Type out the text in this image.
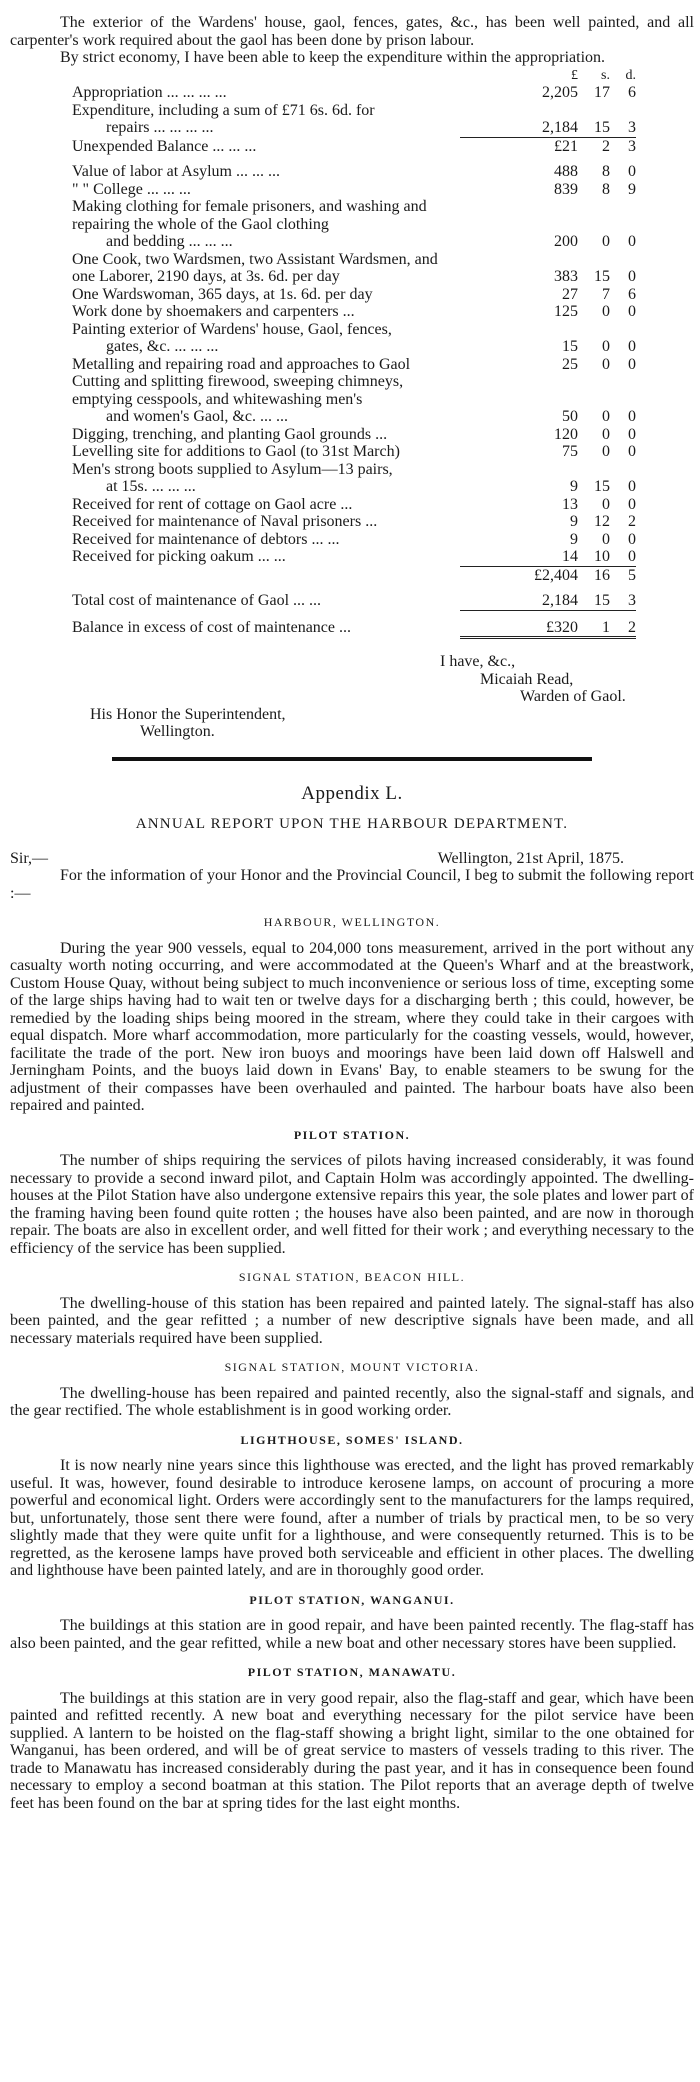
The exterior of the Wardens' house, gaol, fences, gates, &c., has been well painted, and all carpenter's work required about the gaol has been done by prison labour.

By strict economy, I have been able to keep the expenditure within the appropriation.

£	s.	d.
Appropriation ... ... ... ...	2,205	17	6
Expenditure, including a sum of £71 6s. 6d. for
repairs ... ... ... ...	2,184	15	3
Unexpended Balance ... ... ...	£21	2	3
Value of labor at Asylum ... ... ...	488	8	0
" " College ... ... ...	839	8	9
Making clothing for female prisoners, and washing and repairing the whole of the Gaol clothing
and bedding ... ... ...	200	0	0
One Cook, two Wardsmen, two Assistant Wardsmen, and one Laborer, 2190 days, at 3s. 6d. per day	383	15	0
One Wardswoman, 365 days, at 1s. 6d. per day	27	7	6
Work done by shoemakers and carpenters ...	125	0	0
Painting exterior of Wardens' house, Gaol, fences,
gates, &c. ... ... ...	15	0	0
Metalling and repairing road and approaches to Gaol	25	0	0
Cutting and splitting firewood, sweeping chimneys, emptying cesspools, and whitewashing men's
and women's Gaol, &c. ... ...	50	0	0
Digging, trenching, and planting Gaol grounds ...	120	0	0
Levelling site for additions to Gaol (to 31st March)	75	0	0
Men's strong boots supplied to Asylum—13 pairs,
at 15s. ... ... ...	9	15	0
Received for rent of cottage on Gaol acre ...	13	0	0
Received for maintenance of Naval prisoners ...	9	12	2
Received for maintenance of debtors ... ...	9	0	0
Received for picking oakum ... ...	14	10	0
£2,404	16	5
Total cost of maintenance of Gaol ... ...	2,184	15	3
Balance in excess of cost of maintenance ...	£320	1	2
I have, &c.,
Micaiah Read,
Warden of Gaol.
His Honor the Superintendent,
Wellington.
Appendix L.
ANNUAL REPORT UPON THE HARBOUR DEPARTMENT.
Sir,—	Wellington, 21st April, 1875.

For the information of your Honor and the Provincial Council, I beg to submit the following report :—

HARBOUR, WELLINGTON.

During the year 900 vessels, equal to 204,000 tons measurement, arrived in the port without any casualty worth noting occurring, and were accommodated at the Queen's Wharf and at the breastwork, Custom House Quay, without being subject to much inconvenience or serious loss of time, excepting some of the large ships having had to wait ten or twelve days for a discharging berth ; this could, however, be remedied by the loading ships being moored in the stream, where they could take in their cargoes with equal dispatch. More wharf accommodation, more particularly for the coasting vessels, would, however, facilitate the trade of the port. New iron buoys and moorings have been laid down off Halswell and Jerningham Points, and the buoys laid down in Evans' Bay, to enable steamers to be swung for the adjustment of their compasses have been overhauled and painted. The harbour boats have also been repaired and painted.

PILOT STATION.

The number of ships requiring the services of pilots having increased considerably, it was found necessary to provide a second inward pilot, and Captain Holm was accordingly appointed. The dwelling-houses at the Pilot Station have also undergone extensive repairs this year, the sole plates and lower part of the framing having been found quite rotten ; the houses have also been painted, and are now in thorough repair. The boats are also in excellent order, and well fitted for their work ; and everything necessary to the efficiency of the service has been supplied.

SIGNAL STATION, BEACON HILL.

The dwelling-house of this station has been repaired and painted lately. The signal-staff has also been painted, and the gear refitted ; a number of new descriptive signals have been made, and all necessary materials required have been supplied.

SIGNAL STATION, MOUNT VICTORIA.

The dwelling-house has been repaired and painted recently, also the signal-staff and signals, and the gear rectified. The whole establishment is in good working order.

LIGHTHOUSE, SOMES' ISLAND.

It is now nearly nine years since this lighthouse was erected, and the light has proved remarkably useful. It was, however, found desirable to introduce kerosene lamps, on account of procuring a more powerful and economical light. Orders were accordingly sent to the manufacturers for the lamps required, but, unfortunately, those sent there were found, after a number of trials by practical men, to be so very slightly made that they were quite unfit for a lighthouse, and were consequently returned. This is to be regretted, as the kerosene lamps have proved both serviceable and efficient in other places. The dwelling and lighthouse have been painted lately, and are in thoroughly good order.

PILOT STATION, WANGANUI.

The buildings at this station are in good repair, and have been painted recently. The flag-staff has also been painted, and the gear refitted, while a new boat and other necessary stores have been supplied.

PILOT STATION, MANAWATU.

The buildings at this station are in very good repair, also the flag-staff and gear, which have been painted and refitted recently. A new boat and everything necessary for the pilot service have been supplied. A lantern to be hoisted on the flag-staff showing a bright light, similar to the one obtained for Wanganui, has been ordered, and will be of great service to masters of vessels trading to this river. The trade to Manawatu has increased considerably during the past year, and it has in consequence been found necessary to employ a second boatman at this station. The Pilot reports that an average depth of twelve feet has been found on the bar at spring tides for the last eight months.
